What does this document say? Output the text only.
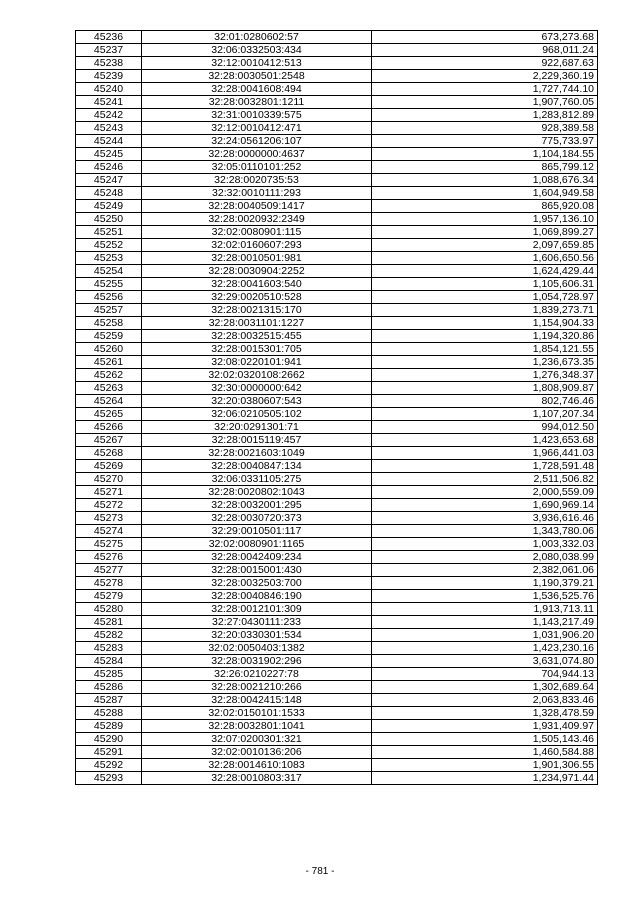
45236	32:01:0280602:57	673,273.68
45237	32:06:0332503:434	968,011.24
45238	32:12:0010412:513	922,687.63
45239	32:28:0030501:2548	2,229,360.19
45240	32:28:0041608:494	1,727,744.10
45241	32:28:0032801:1211	1,907,760.05
45242	32:31:0010339:575	1,283,812.89
45243	32:12:0010412:471	928,389.58
45244	32:24:0561206:107	775,733.97
45245	32:28:0000000:4637	1,104,184.55
45246	32:05:0110101:252	865,799.12
45247	32:28:0020735:53	1,088,676.34
45248	32:32:0010111:293	1,604,949.58
45249	32:28:0040509:1417	865,920.08
45250	32:28:0020932:2349	1,957,136.10
45251	32:02:0080901:115	1,069,899.27
45252	32:02:0160607:293	2,097,659.85
45253	32:28:0010501:981	1,606,650.56
45254	32:28:0030904:2252	1,624,429.44
45255	32:28:0041603:540	1,105,606.31
45256	32:29:0020510:528	1,054,728.97
45257	32:28:0021315:170	1,839,273.71
45258	32:28:0031101:1227	1,154,904.33
45259	32:28:0032515:455	1,194,320.86
45260	32:28:0015301:705	1,854,121.55
45261	32:08:0220101:941	1,236,673.35
45262	32:02:0320108:2662	1,276,348.37
45263	32:30:0000000:642	1,808,909.87
45264	32:20:0380607:543	802,746.46
45265	32:06:0210505:102	1,107,207.34
45266	32:20:0291301:71	994,012.50
45267	32:28:0015119:457	1,423,653.68
45268	32:28:0021603:1049	1,966,441.03
45269	32:28:0040847:134	1,728,591.48
45270	32:06:0331105:275	2,511,506.82
45271	32:28:0020802:1043	2,000,559.09
45272	32:28:0032001:295	1,690,969.14
45273	32:28:0030720:373	3,936,616.46
45274	32:29:0010501:117	1,343,780.06
45275	32:02:0080901:1165	1,003,332.03
45276	32:28:0042409:234	2,080,038.99
45277	32:28:0015001:430	2,382,061.06
45278	32:28:0032503:700	1,190,379.21
45279	32:28:0040846:190	1,536,525.76
45280	32:28:0012101:309	1,913,713.11
45281	32:27:0430111:233	1,143,217.49
45282	32:20:0330301:534	1,031,906.20
45283	32:02:0050403:1382	1,423,230.16
45284	32:28:0031902:296	3,631,074.80
45285	32:26:0210227:78	704,944.13
45286	32:28:0021210:266	1,302,689.64
45287	32:28:0042415:148	2,063,833.46
45288	32:02:0150101:1533	1,328,478.59
45289	32:28:0032801:1041	1,931,409.97
45290	32:07:0200301:321	1,505,143.46
45291	32:02:0010136:206	1,460,584.88
45292	32:28:0014610:1083	1,901,306.55
45293	32:28:0010803:317	1,234,971.44
- 781 -
